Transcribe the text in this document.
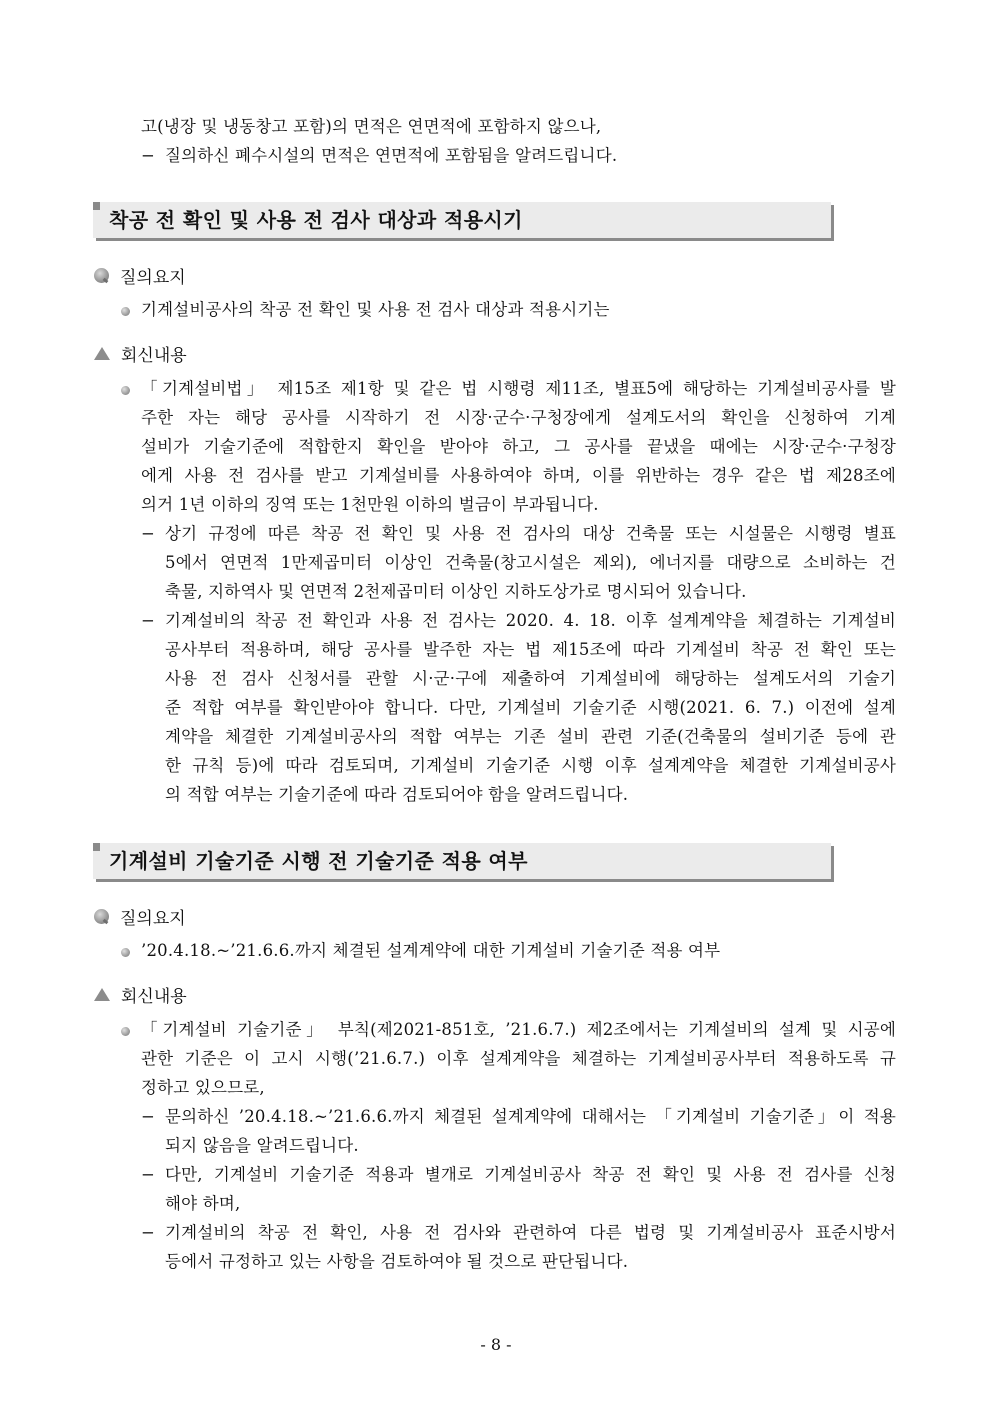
고(냉장 및 냉동창고 포함)의 면적은 연면적에 포함하지 않으나,
− 질의하신 폐수시설의 면적은 연면적에 포함됨을 알려드립니다.
착공 전 확인 및 사용 전 검사 대상과 적용시기
질의요지
기계설비공사의 착공 전 확인 및 사용 전 검사 대상과 적용시기는
회신내용
「기계설비법」 제15조 제1항 및 같은 법 시행령 제11조, 별표5에 해당하는 기계설비공사를 발
주한 자는 해당 공사를 시작하기 전 시장·군수·구청장에게 설계도서의 확인을 신청하여 기계
설비가 기술기준에 적합한지 확인을 받아야 하고, 그 공사를 끝냈을 때에는 시장·군수·구청장
에게 사용 전 검사를 받고 기계설비를 사용하여야 하며, 이를 위반하는 경우 같은 법 제28조에
의거 1년 이하의 징역 또는 1천만원 이하의 벌금이 부과됩니다.
− 상기 규정에 따른 착공 전 확인 및 사용 전 검사의 대상 건축물 또는 시설물은 시행령 별표
5에서 연면적 1만제곱미터 이상인 건축물(창고시설은 제외), 에너지를 대량으로 소비하는 건
축물, 지하역사 및 연면적 2천제곱미터 이상인 지하도상가로 명시되어 있습니다.
− 기계설비의 착공 전 확인과 사용 전 검사는 2020. 4. 18. 이후 설계계약을 체결하는 기계설비
공사부터 적용하며, 해당 공사를 발주한 자는 법 제15조에 따라 기계설비 착공 전 확인 또는
사용 전 검사 신청서를 관할 시·군·구에 제출하여 기계설비에 해당하는 설계도서의 기술기
준 적합 여부를 확인받아야 합니다. 다만, 기계설비 기술기준 시행(2021. 6. 7.) 이전에 설계
계약을 체결한 기계설비공사의 적합 여부는 기존 설비 관련 기준(건축물의 설비기준 등에 관
한 규칙 등)에 따라 검토되며, 기계설비 기술기준 시행 이후 설계계약을 체결한 기계설비공사
의 적합 여부는 기술기준에 따라 검토되어야 함을 알려드립니다.
기계설비 기술기준 시행 전 기술기준 적용 여부
질의요지
’20.4.18.~’21.6.6.까지 체결된 설계계약에 대한 기계설비 기술기준 적용 여부
회신내용
「기계설비 기술기준」 부칙(제2021-851호, ’21.6.7.) 제2조에서는 기계설비의 설계 및 시공에
관한 기준은 이 고시 시행(’21.6.7.) 이후 설계계약을 체결하는 기계설비공사부터 적용하도록 규
정하고 있으므로,
− 문의하신 ’20.4.18.~’21.6.6.까지 체결된 설계계약에 대해서는 「기계설비 기술기준」이 적용
되지 않음을 알려드립니다.
− 다만, 기계설비 기술기준 적용과 별개로 기계설비공사 착공 전 확인 및 사용 전 검사를 신청
해야 하며,
− 기계설비의 착공 전 확인, 사용 전 검사와 관련하여 다른 법령 및 기계설비공사 표준시방서
등에서 규정하고 있는 사항을 검토하여야 될 것으로 판단됩니다.
- 8 -
